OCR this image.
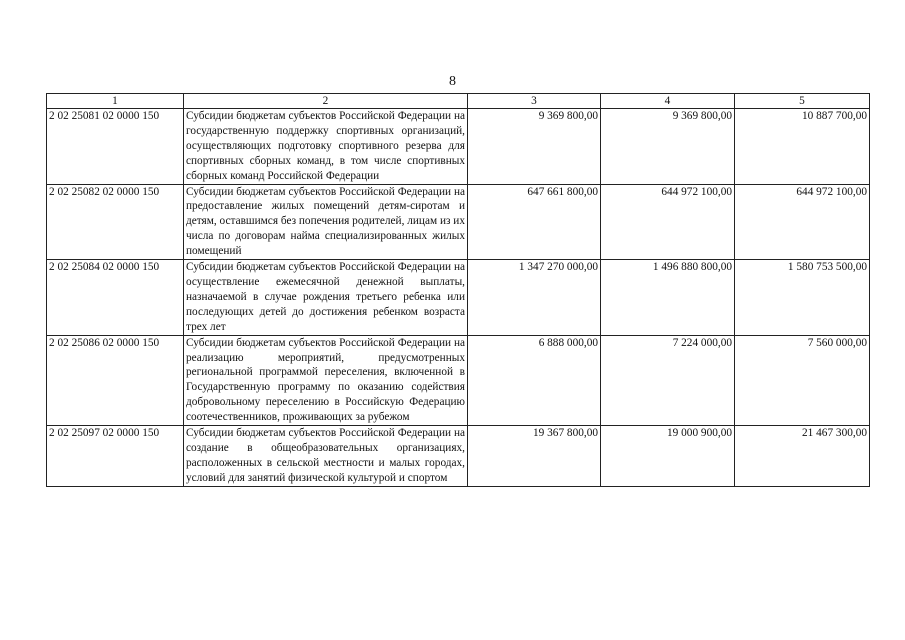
8
1	2	3	4	5
2 02 25081 02 0000 150	Субсидии бюджетам субъектов Российской Федерации на государственную поддержку спортивных организаций, осуществляющих подготовку спортивного резерва для спортивных сборных команд, в том числе спортивных сборных команд Российской Федерации	9 369 800,00	9 369 800,00	10 887 700,00
2 02 25082 02 0000 150	Субсидии бюджетам субъектов Российской Федерации на предоставление жилых помещений детям-сиротам и детям, оставшимся без попечения родителей, лицам из их числа по договорам найма специализированных жилых помещений	647 661 800,00	644 972 100,00	644 972 100,00
2 02 25084 02 0000 150	Субсидии бюджетам субъектов Российской Федерации на осуществление ежемесячной денежной выплаты, назначаемой в случае рождения третьего ребенка или последующих детей до достижения ребенком возраста трех лет	1 347 270 000,00	1 496 880 800,00	1 580 753 500,00
2 02 25086 02 0000 150	Субсидии бюджетам субъектов Российской Федерации на реализацию мероприятий, предусмотренных региональной программой переселения, включенной в Государственную программу по оказанию содействия добровольному переселению в Российскую Федерацию соотечественников, проживающих за рубежом	6 888 000,00	7 224 000,00	7 560 000,00
2 02 25097 02 0000 150	Субсидии бюджетам субъектов Российской Федерации на создание в общеобразовательных организациях, расположенных в сельской местности и малых городах, условий для занятий физической культурой и спортом	19 367 800,00	19 000 900,00	21 467 300,00
